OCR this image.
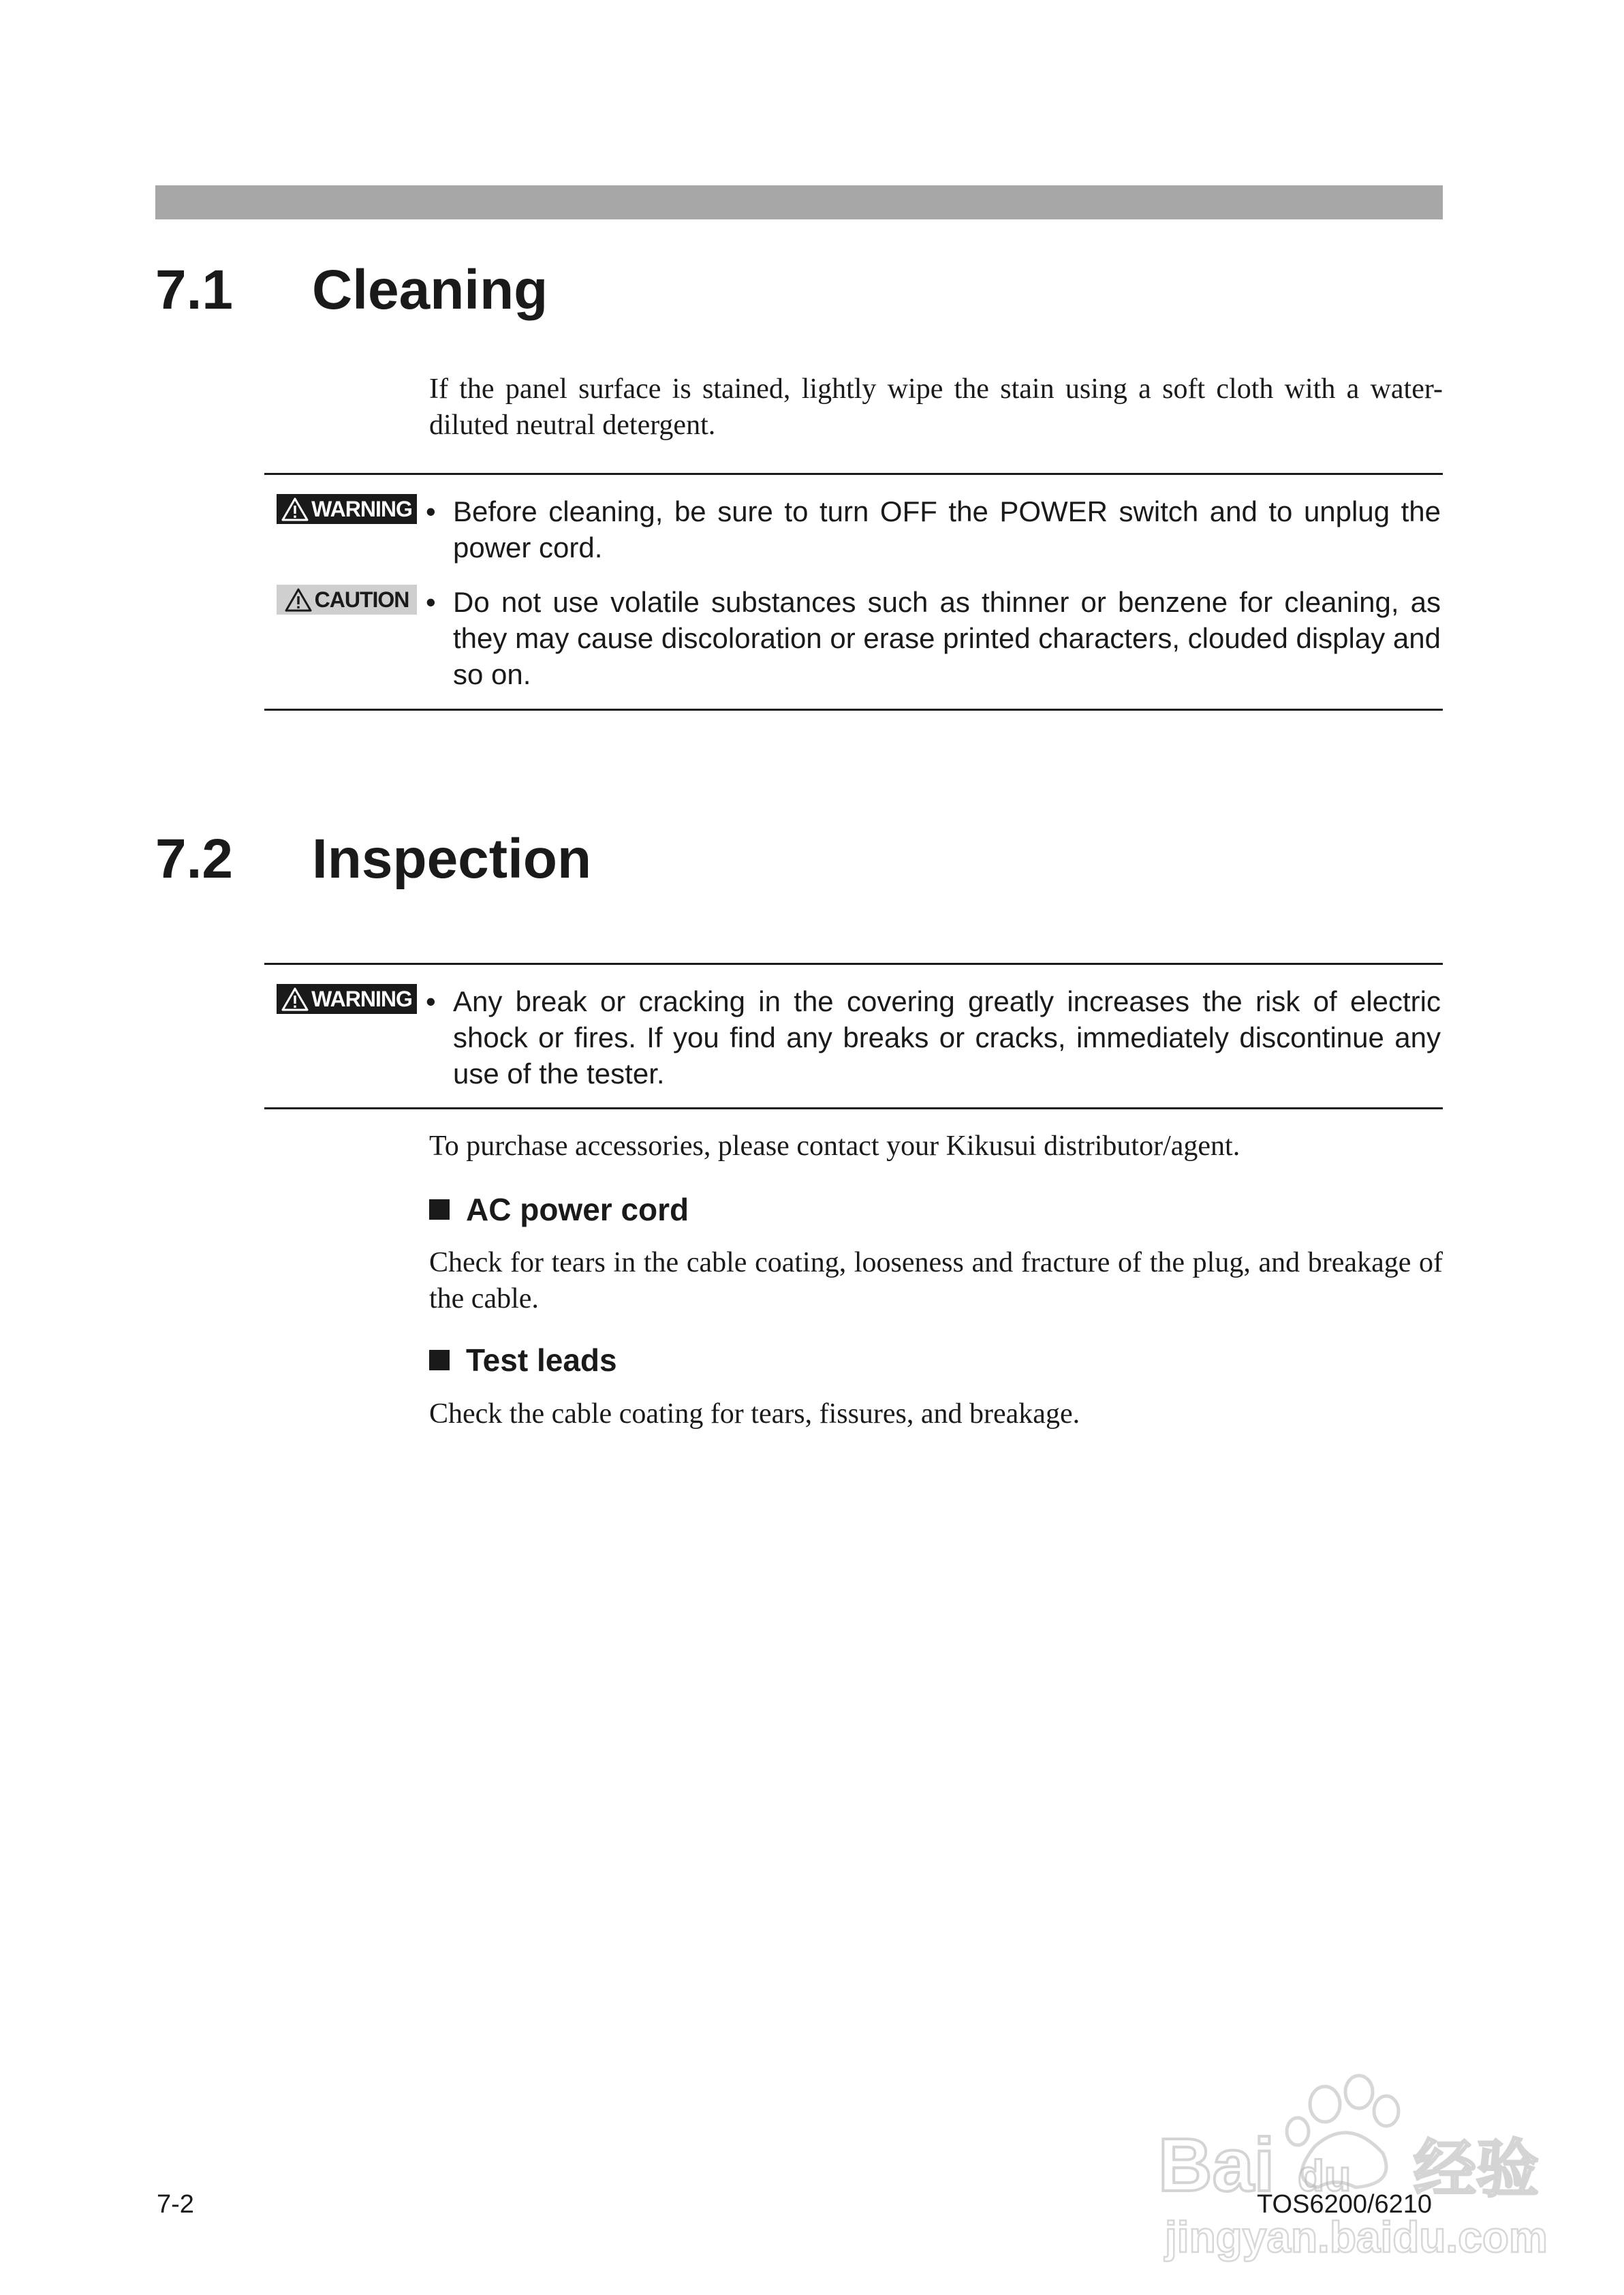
7.1 Cleaning

If the panel surface is stained, lightly wipe the stain using a soft cloth with a water-diluted neutral detergent.

WARNING • Before cleaning, be sure to turn OFF the POWER switch and to unplug the power cord.
CAUTION • Do not use volatile substances such as thinner or benzene for cleaning, as they may cause discoloration or erase printed characters, clouded display and so on.
7.2 Inspection
WARNING • Any break or cracking in the covering greatly increases the risk of electric shock or fires. If you find any breaks or cracks, immediately discontinue any use of the tester.

To purchase accessories, please contact your Kikusui distributor/agent.

AC power cord

Check for tears in the cable coating, looseness and fracture of the plug, and breakage of the cable.

Test leads

Check the cable coating for tears, fissures, and breakage.

7-2	TOS6200/6210
Bai du 经验
jingyan.baidu.com
